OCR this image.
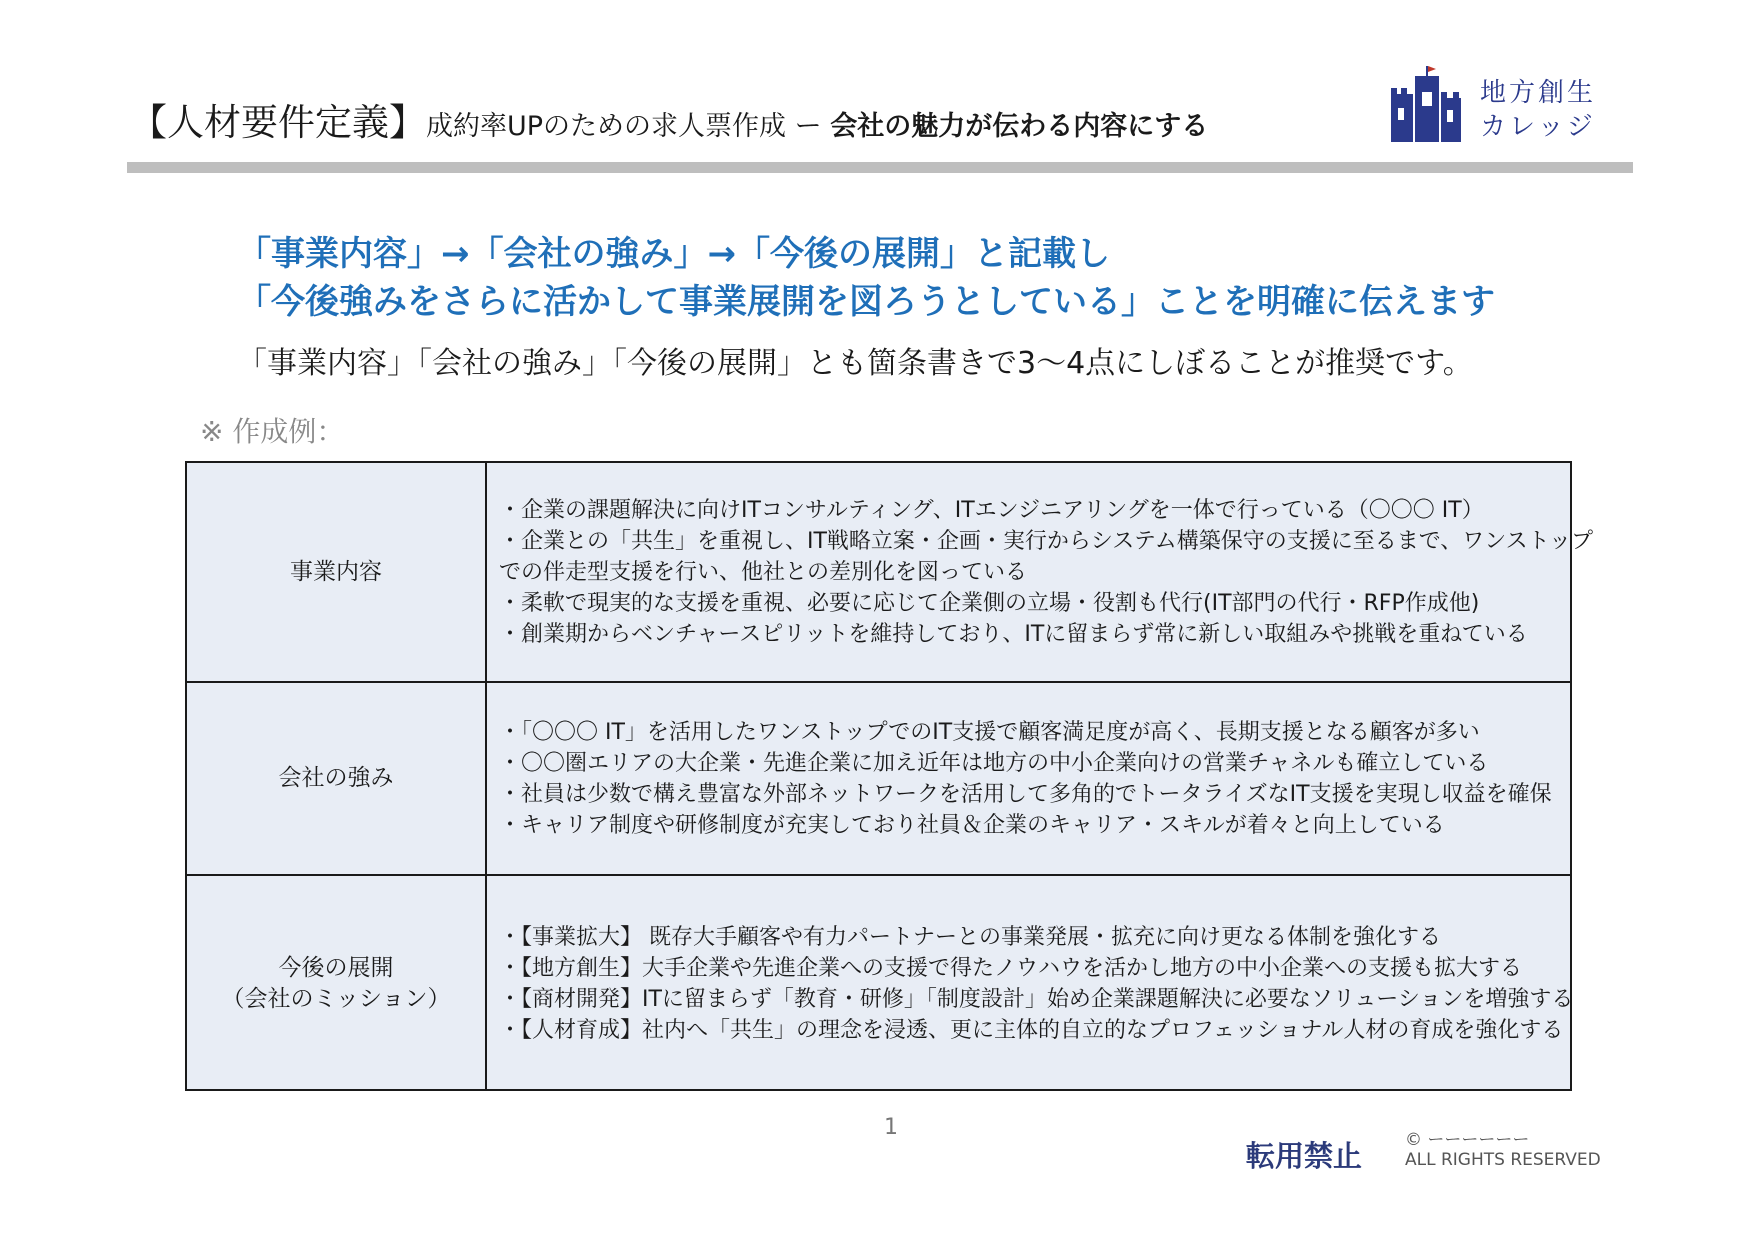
【人材要件定義】成約率UPのための求人票作成 ー 会社の魅力が伝わる内容にする
地方創生
カレッジ
「事業内容」→「会社の強み」→「今後の展開」と記載し
「今後強みをさらに活かして事業展開を図ろうとしている」ことを明確に伝えます
「事業内容」「会社の強み」「今後の展開」とも箇条書きで3～4点にしぼることが推奨です。
※ 作成例：
事業内容
・企業の課題解決に向けITコンサルティング、ITエンジニアリングを一体で行っている（〇〇〇 IT）
・企業との「共生」を重視し、IT戦略立案・企画・実行からシステム構築保守の支援に至るまで、ワンストップ
での伴走型支援を行い、他社との差別化を図っている
・柔軟で現実的な支援を重視、必要に応じて企業側の立場・役割も代行(IT部門の代行・RFP作成他)
・創業期からベンチャースピリットを維持しており、ITに留まらず常に新しい取組みや挑戦を重ねている
会社の強み
・「〇〇〇 IT」を活用したワンストップでのIT支援で顧客満足度が高く、長期支援となる顧客が多い
・〇〇圏エリアの大企業・先進企業に加え近年は地方の中小企業向けの営業チャネルも確立している
・社員は少数で構え豊富な外部ネットワークを活用して多角的でトータライズなIT支援を実現し収益を確保
・キャリア制度や研修制度が充実しており社員＆企業のキャリア・スキルが着々と向上している
今後の展開
（会社のミッション）
・【事業拡大】 既存大手顧客や有力パートナーとの事業発展・拡充に向け更なる体制を強化する
・【地方創生】大手企業や先進企業への支援で得たノウハウを活かし地方の中小企業への支援も拡大する
・【商材開発】ITに留まらず「教育・研修」「制度設計」始め企業課題解決に必要なソリューションを増強する
・【人材育成】社内へ「共生」の理念を浸透、更に主体的自立的なプロフェッショナル人材の育成を強化する
1
転用禁止	© ーーーーーー
ALL RIGHTS RESERVED
